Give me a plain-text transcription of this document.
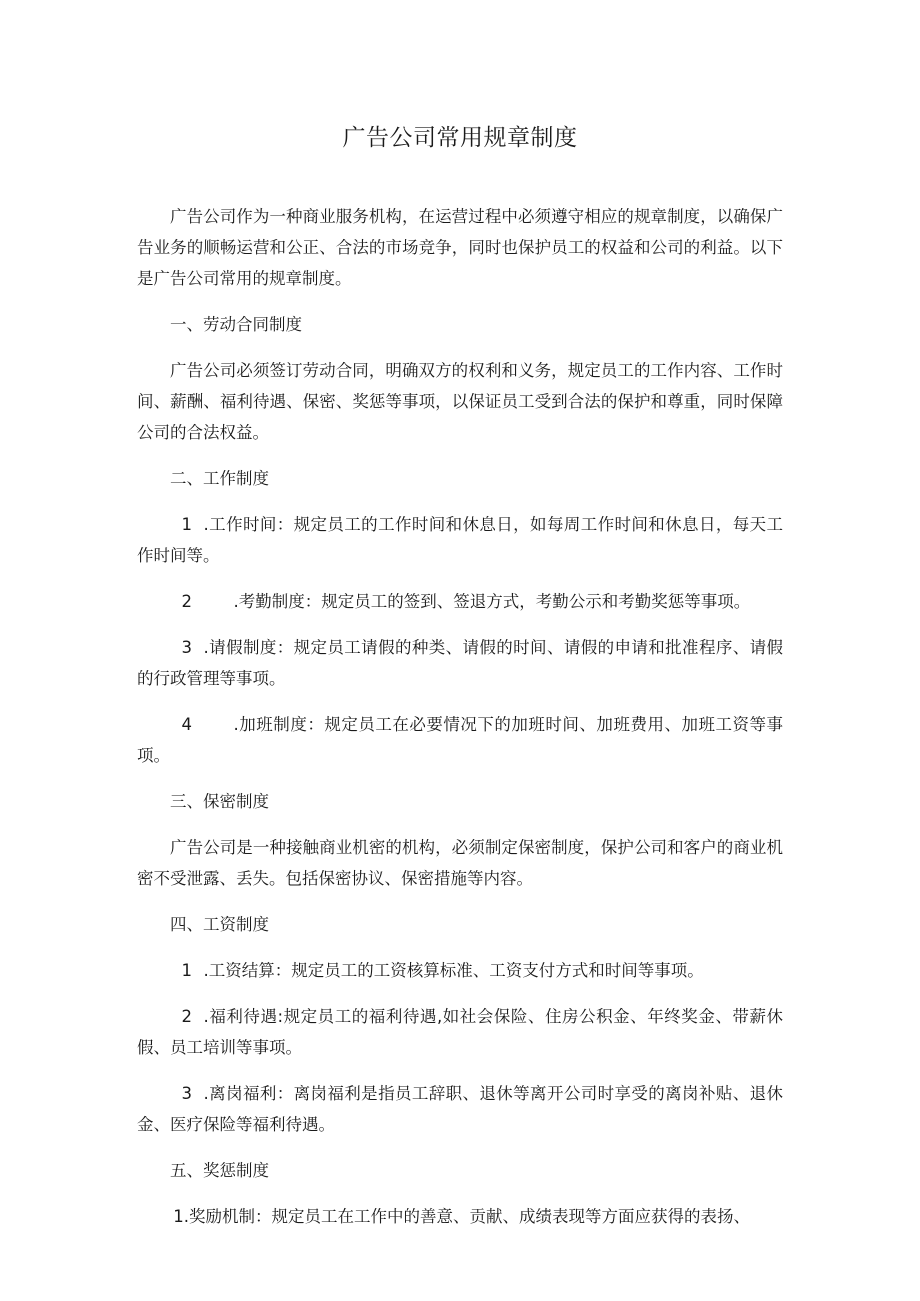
广告公司常用规章制度

广告公司作为一种商业服务机构，在运营过程中必须遵守相应的规章制度，以确保广告业务的顺畅运营和公正、合法的市场竞争，同时也保护员工的权益和公司的利益。以下是广告公司常用的规章制度。

一、劳动合同制度

广告公司必须签订劳动合同，明确双方的权利和义务，规定员工的工作内容、工作时间、薪酬、福利待遇、保密、奖惩等事项，以保证员工受到合法的保护和尊重，同时保障公司的合法权益。

二、工作制度

1 .工作时间：规定员工的工作时间和休息日，如每周工作时间和休息日，每天工作时间等。

2	.考勤制度：规定员工的签到、签退方式，考勤公示和考勤奖惩等事项。

3 .请假制度：规定员工请假的种类、请假的时间、请假的申请和批准程序、请假的行政管理等事项。

4	.加班制度：规定员工在必要情况下的加班时间、加班费用、加班工资等事项。

三、保密制度

广告公司是一种接触商业机密的机构，必须制定保密制度，保护公司和客户的商业机密不受泄露、丢失。包括保密协议、保密措施等内容。

四、工资制度

1 .工资结算：规定员工的工资核算标准、工资支付方式和时间等事项。

2 .福利待遇:规定员工的福利待遇,如社会保险、住房公积金、年终奖金、带薪休假、员工培训等事项。

3 .离岗福利：离岗福利是指员工辞职、退休等离开公司时享受的离岗补贴、退休金、医疗保险等福利待遇。

五、奖惩制度

1.奖励机制：规定员工在工作中的善意、贡献、成绩表现等方面应获得的表扬、
